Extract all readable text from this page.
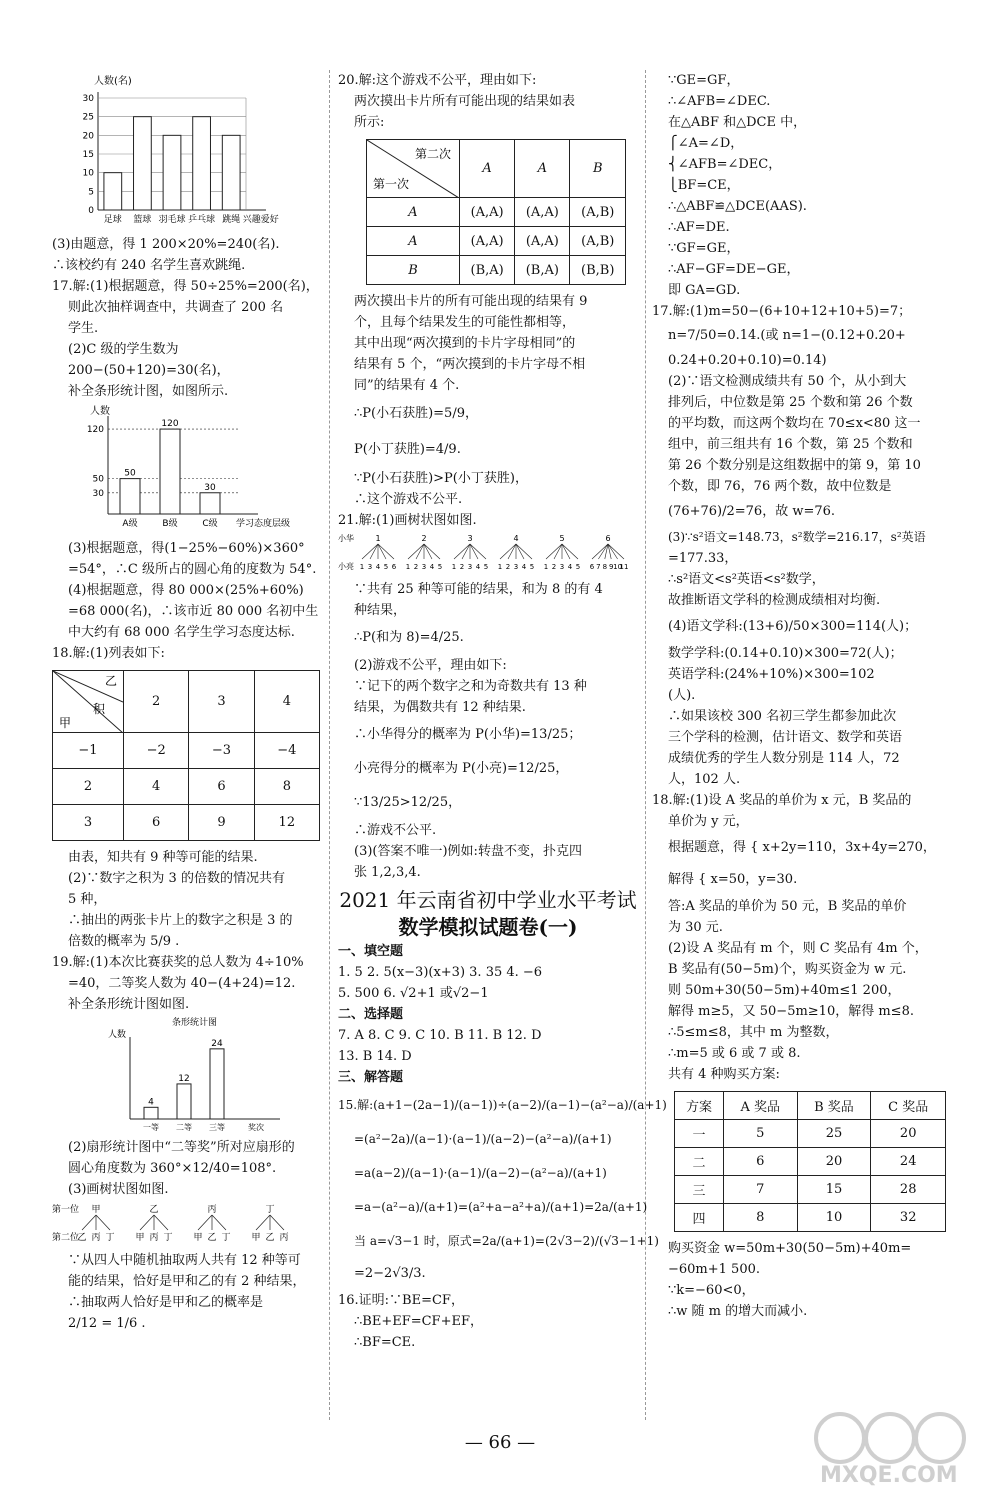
人数(名)
0
5
10
15
20
25
30
足球 篮球 羽毛球 乒乓球 跳绳 兴趣爱好
(3)由题意，得 1 200×20%=240(名).
∴该校约有 240 名学生喜欢跳绳.
17.解:(1)根据题意，得 50÷25%=200(名)，
则此次抽样调查中，共调查了 200 名
学生.
(2)C 级的学生数为
200−(50+120)=30(名)，
补全条形统计图，如图所示.
人数
30
50
120
50
A级
120
B级
30
C级 学习态度层级
(3)根据题意，得(1−25%−60%)×360°
=54°，∴C 级所占的圆心角的度数为 54°.
(4)根据题意，得 80 000×(25%+60%)
=68 000(名)，∴该市近 80 000 名初中生
中大约有 68 000 名学生学习态度达标.
18.解:(1)列表如下:
乙
积
甲	2	3	4
−1	−2	−3	−4
2	4	6	8
3	6	9	12
由表，知共有 9 种等可能的结果.
(2)∵数字之积为 3 的倍数的情况共有
5 种，
∴抽出的两张卡片上的数字之积是 3 的
倍数的概率为 5/9 .
19.解:(1)本次比赛获奖的总人数为 4÷10%
=40，二等奖人数为 40−(4+24)=12.
补全条形统计图如图.
条形统计图
人数
4
一等
12
二等
24
三等	奖次
(2)扇形统计图中“二等奖”所对应扇形的
圆心角度数为 360°×12/40=108°.
(3)画树状图如图.
第一位
第二位
甲
乙 丙 丁
乙
甲 丙 丁
丙
甲 乙 丁
丁
甲 乙 丙
∵从四人中随机抽取两人共有 12 种等可
能的结果，恰好是甲和乙的有 2 种结果，
∴抽取两人恰好是甲和乙的概率是
2/12 = 1/6 .
20.解:这个游戏不公平，理由如下:
两次摸出卡片所有可能出现的结果如表
所示:
第二次
第一次	A	A	B
A	(A,A)	(A,A)	(A,B)
A	(A,A)	(A,A)	(A,B)
B	(B,A)	(B,A)	(B,B)
两次摸出卡片的所有可能出现的结果有 9
个，且每个结果发生的可能性都相等，
其中出现“两次摸到的卡片字母相同”的
结果有 5 个，“两次摸到的卡片字母不相
同”的结果有 4 个.
∴P(小石获胜)=5/9，
P(小丁获胜)=4/9.
∵P(小石获胜)>P(小丁获胜)，
∴这个游戏不公平.
21.解:(1)画树状图如图.
小华
小亮
1
1 3 4 5 6
2
1 2 3 4 5
3
1 2 3 4 5
4
1 2 3 4 5
5
1 2 3 4 5
6
6 7 8 9 10
11
∵共有 25 种等可能的结果，和为 8 的有 4
种结果，
∴P(和为 8)=4/25.
(2)游戏不公平，理由如下:
∵记下的两个数字之和为奇数共有 13 种
结果，为偶数共有 12 种结果.
∴小华得分的概率为 P(小华)=13/25；
小亮得分的概率为 P(小亮)=12/25，
∵13/25>12/25，
∴游戏不公平.
(3)(答案不唯一)例如:转盘不变，扑克四
张 1,2,3,4.
2021 年云南省初中学业水平考试
数学模拟试题卷(一)
一、填空题
1. 5 2. 5(x−3)(x+3) 3. 35 4. −6
5. 500 6. √2+1 或√2−1
二、选择题
7. A 8. C 9. C 10. B 11. B 12. D
13. B 14. D
三、解答题
15.解:(a+1−(2a−1)/(a−1))÷(a−2)/(a−1)−(a²−a)/(a+1)
=(a²−2a)/(a−1)·(a−1)/(a−2)−(a²−a)/(a+1)
=a(a−2)/(a−1)·(a−1)/(a−2)−(a²−a)/(a+1)
=a−(a²−a)/(a+1)=(a²+a−a²+a)/(a+1)=2a/(a+1)
当 a=√3−1 时，原式=2a/(a+1)=(2√3−2)/(√3−1+1)
=2−2√3/3.
16.证明:∵BE=CF，
∴BE+EF=CF+EF，
∴BF=CE.
∵GE=GF，
∴∠AFB=∠DEC.
在△ABF 和△DCE 中，
⎧∠A=∠D，
⎨∠AFB=∠DEC，
⎩BF=CE，
∴△ABF≌△DCE(AAS).
∴AF=DE.
∵GF=GE，
∴AF−GF=DE−GE，
即 GA=GD.
17.解:(1)m=50−(6+10+12+10+5)=7；
n=7/50=0.14.(或 n=1−(0.12+0.20+
0.24+0.20+0.10)=0.14)
(2)∵语文检测成绩共有 50 个，从小到大
排列后，中位数是第 25 个数和第 26 个数
的平均数，而这两个数均在 70≤x<80 这一
组中，前三组共有 16 个数，第 25 个数和
第 26 个数分别是这组数据中的第 9，第 10
个数，即 76，76 两个数，故中位数是
(76+76)/2=76，故 w=76.
(3)∵s²语文=148.73，s²数学=216.17，s²英语
=177.33，
∴s²语文<s²英语<s²数学，
故推断语文学科的检测成绩相对均衡.
(4)语文学科:(13+6)/50×300=114(人)；
数学学科:(0.14+0.10)×300=72(人)；
英语学科:(24%+10%)×300=102
(人).
∴如果该校 300 名初三学生都参加此次
三个学科的检测，估计语文、数学和英语
成绩优秀的学生人数分别是 114 人，72
人，102 人.
18.解:(1)设 A 奖品的单价为 x 元，B 奖品的
单价为 y 元，
根据题意，得 { x+2y=110，3x+4y=270，
解得 { x=50，y=30.
答:A 奖品的单价为 50 元，B 奖品的单价
为 30 元.
(2)设 A 奖品有 m 个，则 C 奖品有 4m 个，
B 奖品有(50−5m)个，购买资金为 w 元.
则 50m+30(50−5m)+40m≤1 200，
解得 m≥5，又 50−5m≥10，解得 m≤8.
∴5≤m≤8，其中 m 为整数，
∴m=5 或 6 或 7 或 8.
共有 4 种购买方案:
方案	A 奖品	B 奖品	C 奖品
一	5	25	20
二	6	20	24
三	7	15	28
四	8	10	32
购买资金 w=50m+30(50−5m)+40m=
−60m+1 500.
∵k=−60<0，
∴w 随 m 的增大而减小.
— 66 —
MXQE.COM
